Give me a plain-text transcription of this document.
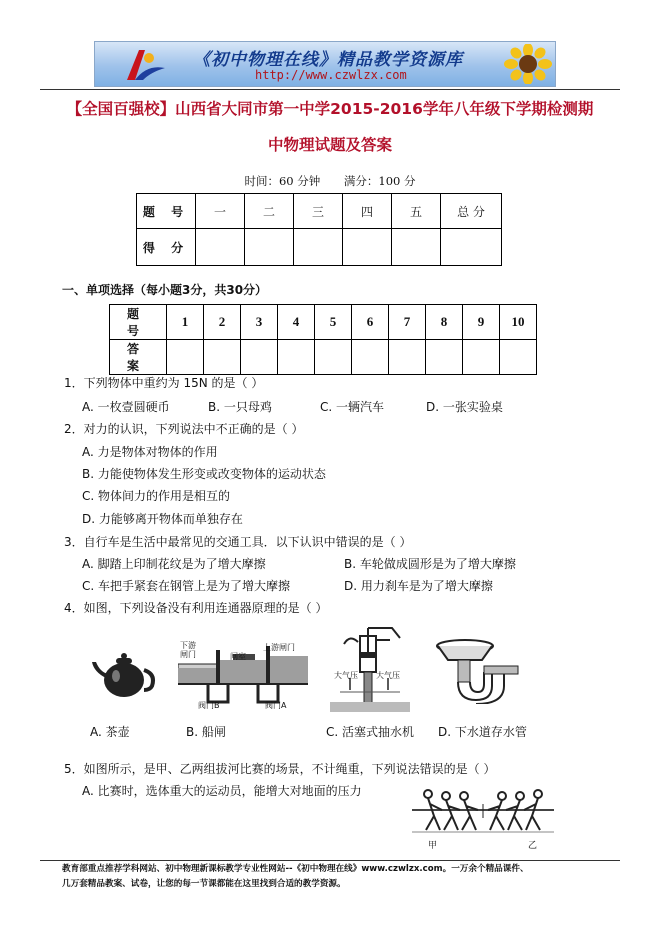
《初中物理在线》精品教学资源库
http://www.czwlzx.com
【全国百强校】山西省大同市第一中学2015-2016学年八年级下学期检测期
中物理试题及答案
时间：60 分钟 满分：100 分
题 号	一	二	三	四	五	总 分
得 分						
一、单项选择（每小题3分，共30分）
题 号	1	2	3	4	5	6	7	8	9	10
答 案										
1．下列物体中重约为 15N 的是（ ）
A. 一枚壹圆硬币	B. 一只母鸡	C. 一辆汽车	D. 一张实验桌
2．对力的认识，下列说法中不正确的是（ ）
A. 力是物体对物体的作用
B. 力能使物体发生形变或改变物体的运动状态
C. 物体间力的作用是相互的
D. 力能够离开物体而单独存在
3．自行车是生活中最常见的交通工具．以下认识中错误的是（ ）
A. 脚踏上印制花纹是为了增大摩擦	B. 车轮做成圆形是为了增大摩擦
C. 车把手紧套在钢管上是为了增大摩擦	D. 用力刹车是为了增大摩擦
4．如图，下列设备没有利用连通器原理的是（ ）
A. 茶壶
下游
闸门	闸室
上游闸门
阀门B	阀门A
B. 船闸
大气压 大气压
C. 活塞式抽水机 D. 下水道存水管
5．如图所示，是甲、乙两组拔河比赛的场景，不计绳重，下列说法错误的是（ ）
A. 比赛时，选体重大的运动员，能增大对地面的压力
甲	乙
教育部重点推荐学科网站、初中物理新课标教学专业性网站--《初中物理在线》www.czwlzx.com。一万余个精品课件、
几万套精品教案、试卷，让您的每一节课都能在这里找到合适的教学资源。
